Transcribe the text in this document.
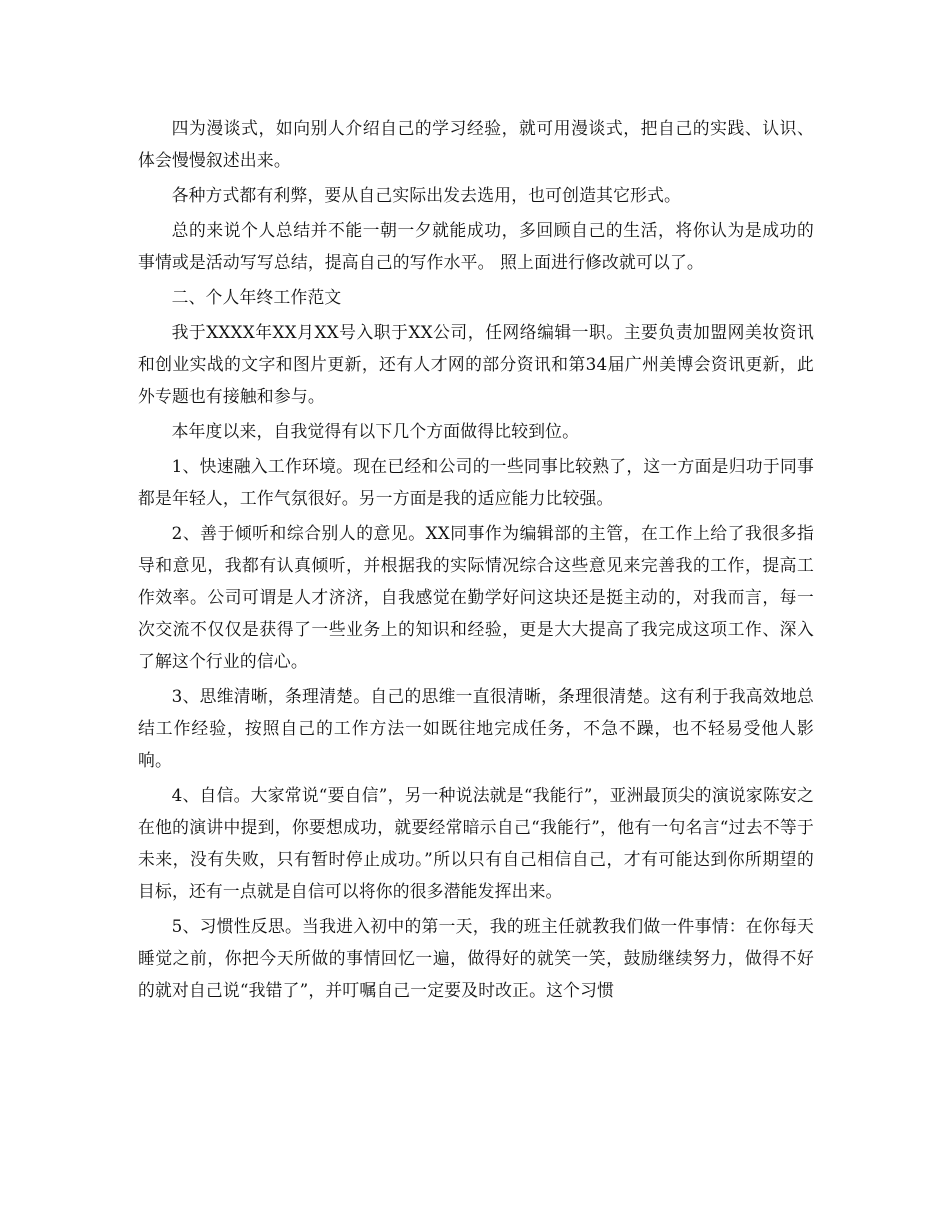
四为漫谈式，如向别人介绍自己的学习经验，就可用漫谈式，把自己的实践、认识、体会慢慢叙述出来。

各种方式都有利弊，要从自己实际出发去选用，也可创造其它形式。

总的来说个人总结并不能一朝一夕就能成功，多回顾自己的生活，将你认为是成功的事情或是活动写写总结，提高自己的写作水平。 照上面进行修改就可以了。

二、个人年终工作范文

我于XXXX年XX月XX号入职于XX公司，任网络编辑一职。主要负责加盟网美妆资讯和创业实战的文字和图片更新，还有人才网的部分资讯和第34届广州美博会资讯更新，此外专题也有接触和参与。

本年度以来，自我觉得有以下几个方面做得比较到位。

1、快速融入工作环境。现在已经和公司的一些同事比较熟了，这一方面是归功于同事都是年轻人，工作气氛很好。另一方面是我的适应能力比较强。

2、善于倾听和综合别人的意见。XX同事作为编辑部的主管，在工作上给了我很多指导和意见，我都有认真倾听，并根据我的实际情况综合这些意见来完善我的工作，提高工作效率。公司可谓是人才济济，自我感觉在勤学好问这块还是挺主动的，对我而言，每一次交流不仅仅是获得了一些业务上的知识和经验，更是大大提高了我完成这项工作、深入了解这个行业的信心。

3、思维清晰，条理清楚。自己的思维一直很清晰，条理很清楚。这有利于我高效地总结工作经验，按照自己的工作方法一如既往地完成任务，不急不躁，也不轻易受他人影响。

4、自信。大家常说“要自信”，另一种说法就是“我能行”，亚洲最顶尖的演说家陈安之在他的演讲中提到，你要想成功，就要经常暗示自己“我能行”，他有一句名言“过去不等于未来，没有失败，只有暂时停止成功。”所以只有自己相信自己，才有可能达到你所期望的目标，还有一点就是自信可以将你的很多潜能发挥出来。

5、习惯性反思。当我进入初中的第一天，我的班主任就教我们做一件事情：在你每天睡觉之前，你把今天所做的事情回忆一遍，做得好的就笑一笑，鼓励继续努力，做得不好的就对自己说“我错了”，并叮嘱自己一定要及时改正。这个习惯
